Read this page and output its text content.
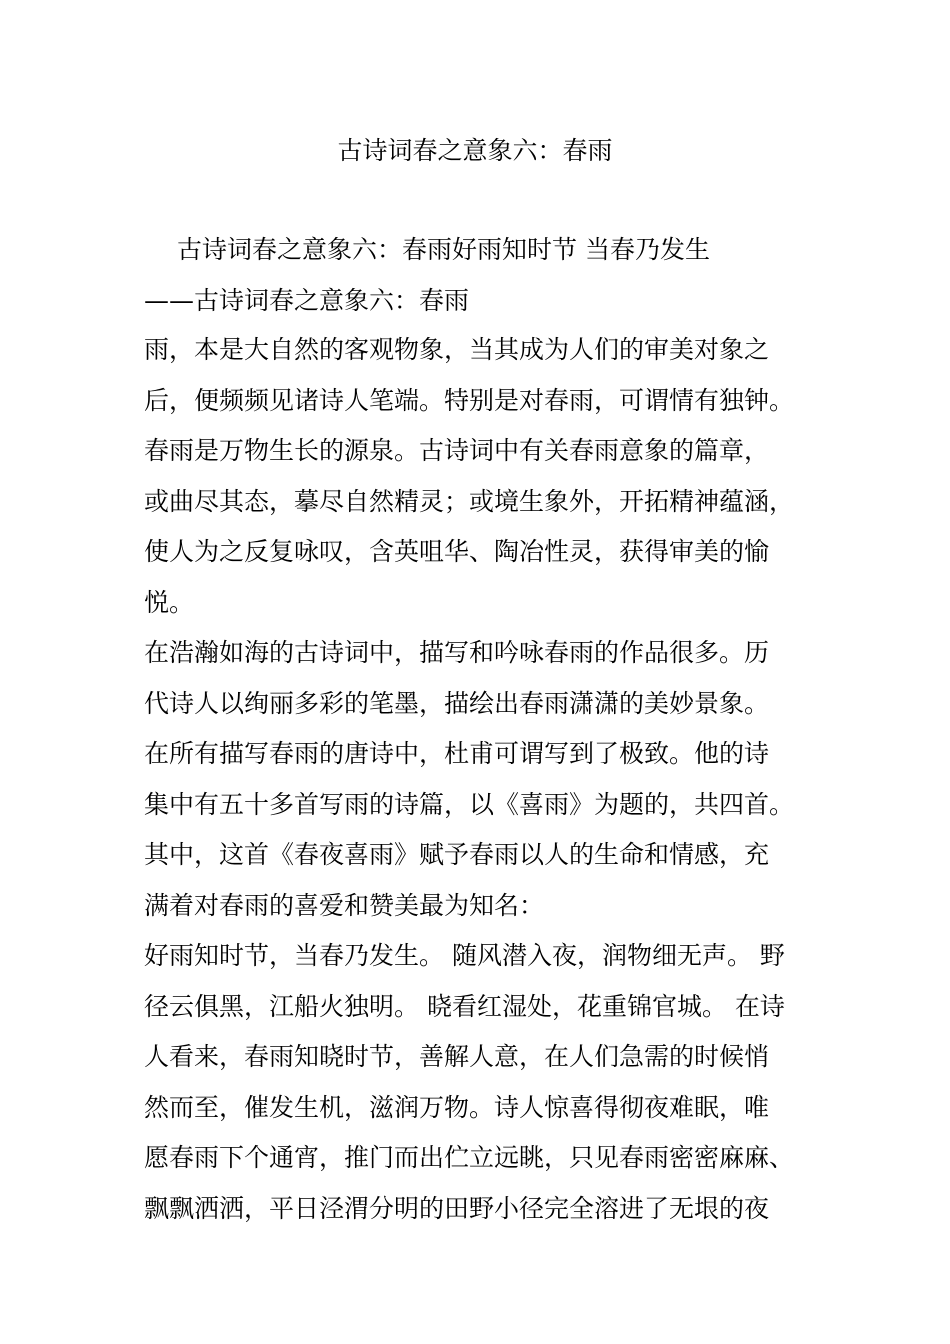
古诗词春之意象六：春雨
古诗词春之意象六：春雨好雨知时节 当春乃发生
——古诗词春之意象六：春雨
雨，本是大自然的客观物象，当其成为人们的审美对象之
后，便频频见诸诗人笔端。特别是对春雨，可谓情有独钟。
春雨是万物生长的源泉。古诗词中有关春雨意象的篇章，
或曲尽其态，摹尽自然精灵；或境生象外，开拓精神蕴涵，
使人为之反复咏叹，含英咀华、陶冶性灵，获得审美的愉
悦。
在浩瀚如海的古诗词中，描写和吟咏春雨的作品很多。历
代诗人以绚丽多彩的笔墨，描绘出春雨潇潇的美妙景象。
在所有描写春雨的唐诗中，杜甫可谓写到了极致。他的诗
集中有五十多首写雨的诗篇，以《喜雨》为题的，共四首。
其中，这首《春夜喜雨》赋予春雨以人的生命和情感，充
满着对春雨的喜爱和赞美最为知名：
好雨知时节，当春乃发生。 随风潜入夜，润物细无声。 野
径云俱黑，江船火独明。 晓看红湿处，花重锦官城。 在诗
人看来，春雨知晓时节，善解人意，在人们急需的时候悄
然而至，催发生机，滋润万物。诗人惊喜得彻夜难眠，唯
愿春雨下个通宵，推门而出伫立远眺，只见春雨密密麻麻、
飘飘洒洒，平日泾渭分明的田野小径完全溶进了无垠的夜
